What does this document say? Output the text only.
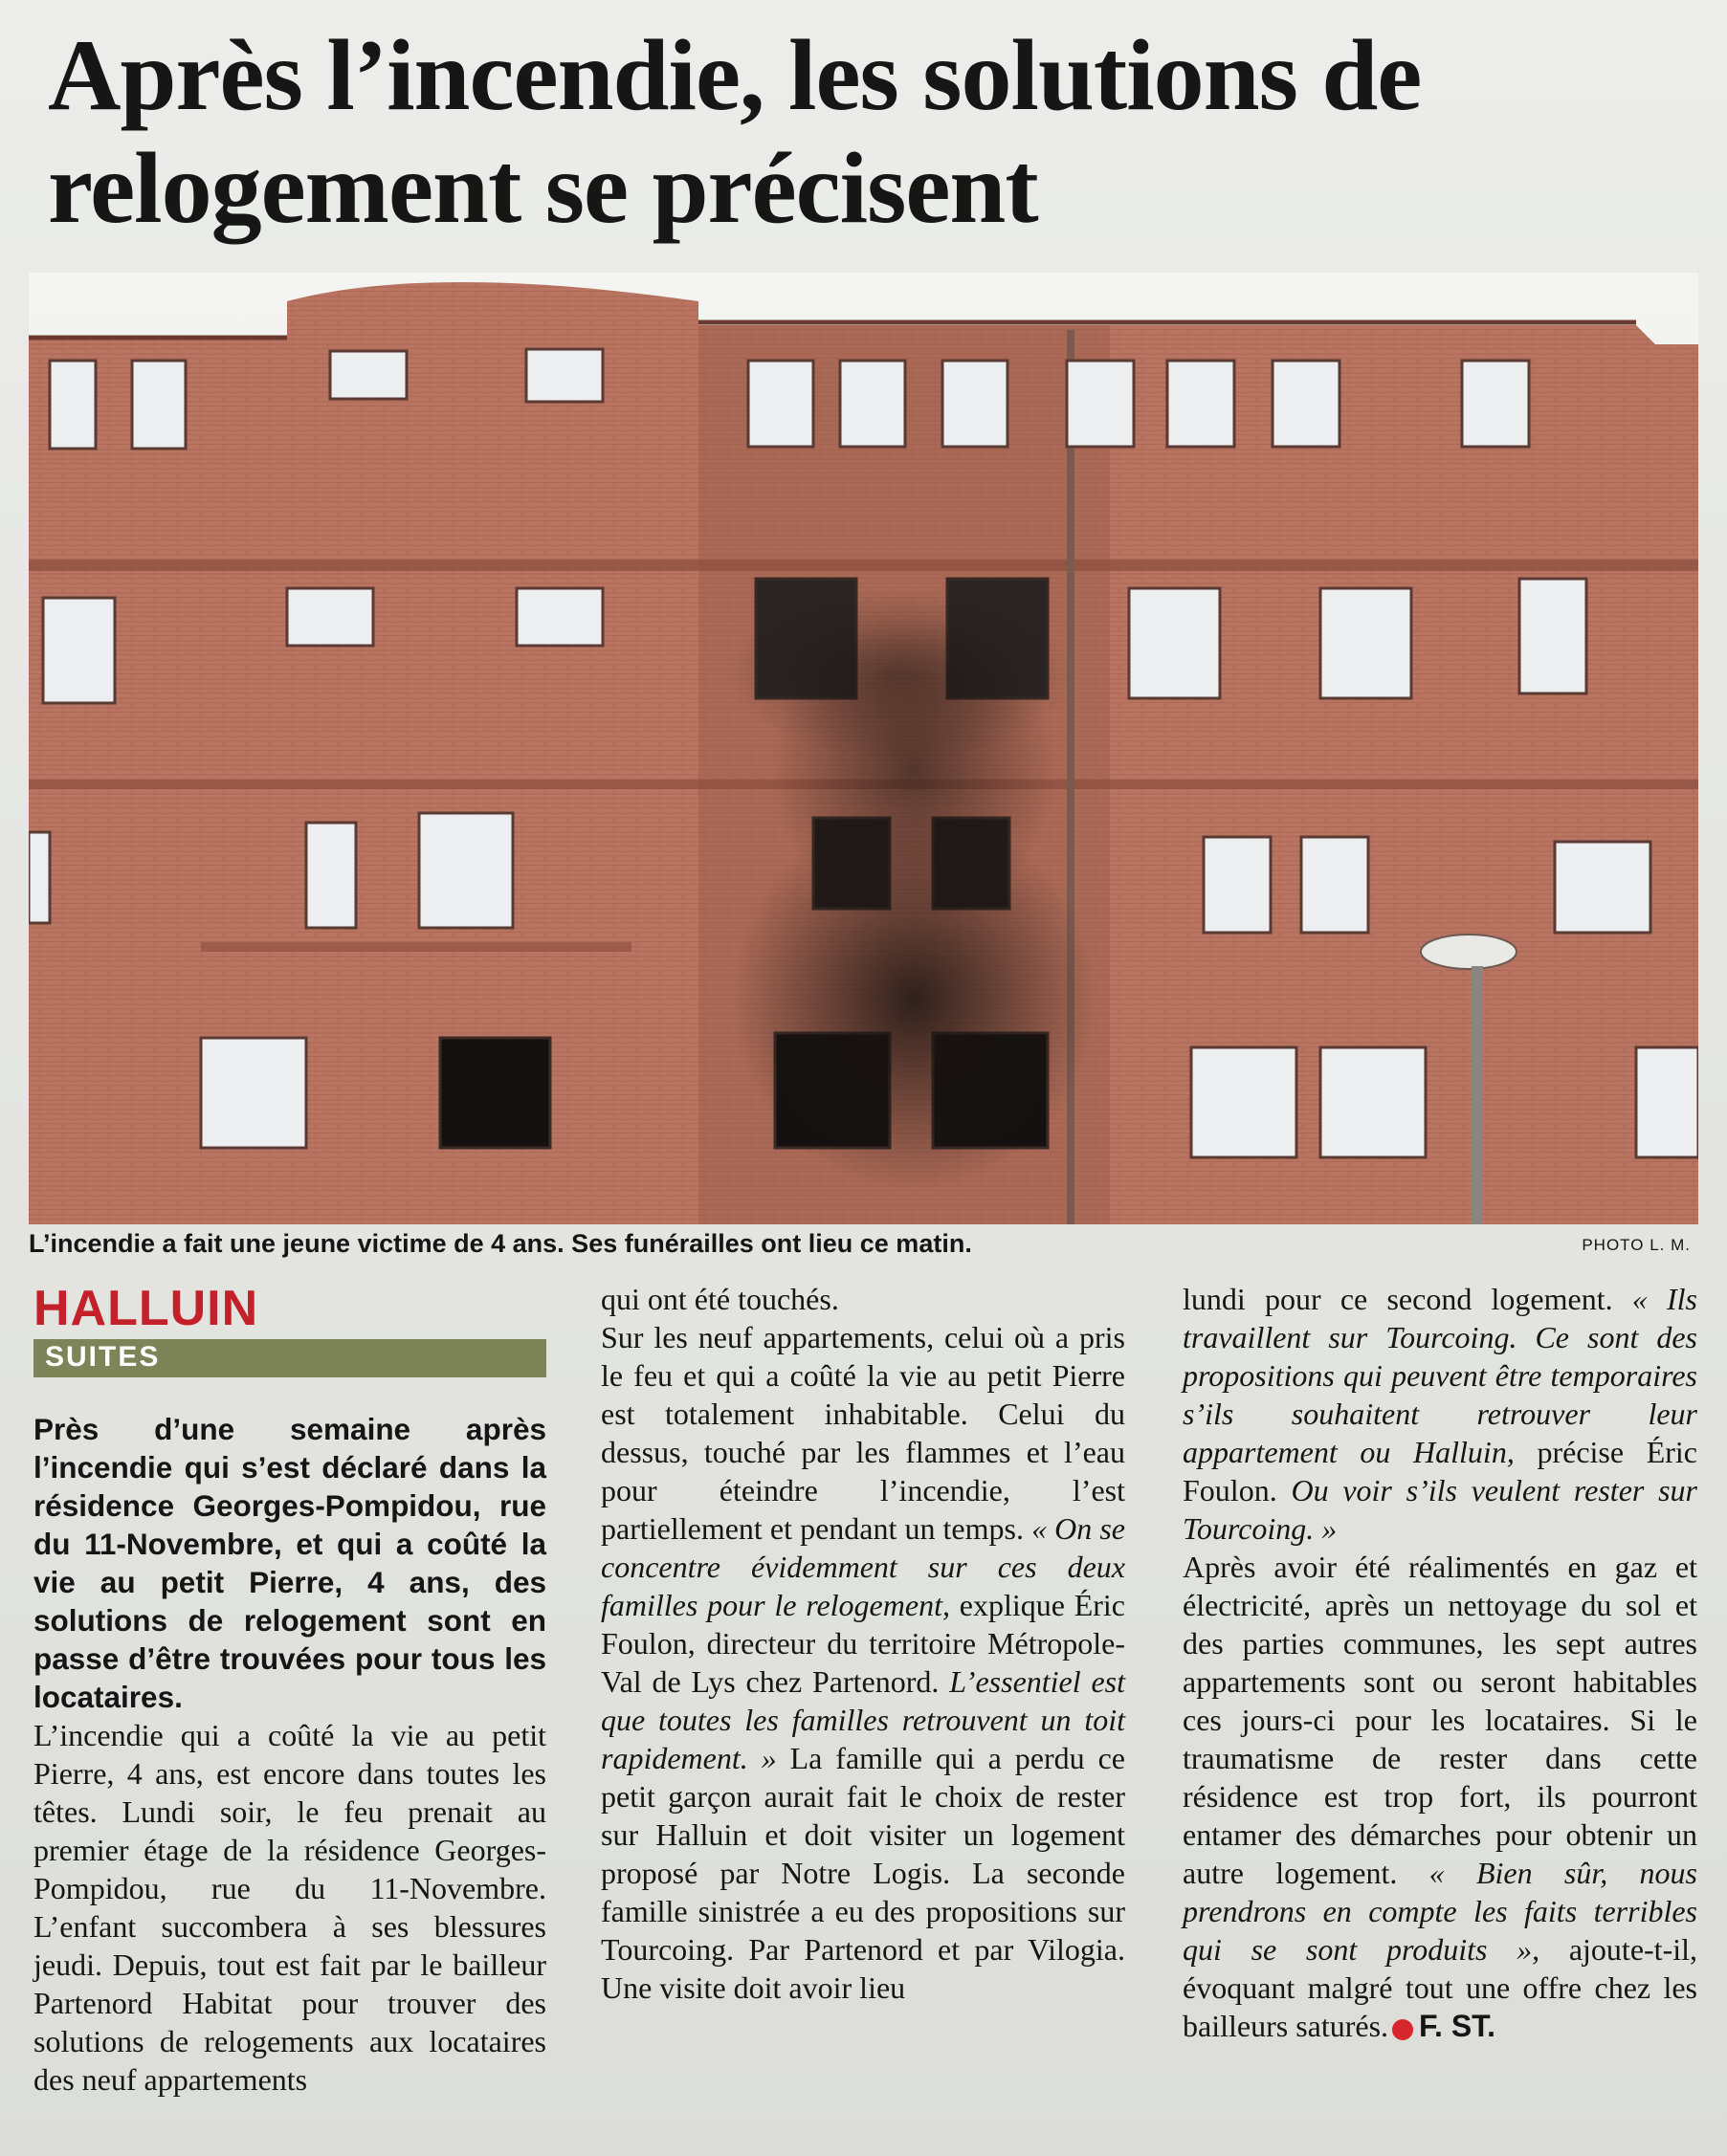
Après l’incendie, les solutions de relogement se précisent
L’incendie a fait une jeune victime de 4 ans. Ses funérailles ont lieu ce matin.	PHOTO L. M.
HALLUIN
SUITES

Près d’une semaine après l’incendie qui s’est déclaré dans la résidence Georges-Pompidou, rue du 11-Novembre, et qui a coûté la vie au petit Pierre, 4 ans, des solutions de relogement sont en passe d’être trouvées pour tous les locataires.

L’incendie qui a coûté la vie au petit Pierre, 4 ans, est encore dans toutes les têtes. Lundi soir, le feu prenait au premier étage de la résidence Georges-Pompidou, rue du 11-Novembre. L’enfant succombera à ses blessures jeudi. Depuis, tout est fait par le bailleur Partenord Habitat pour trouver des solutions de relogements aux locataires des neuf appartements

qui ont été touchés.

Sur les neuf appartements, celui où a pris le feu et qui a coûté la vie au petit Pierre est totalement inhabitable. Celui du dessus, touché par les flammes et l’eau pour éteindre l’incendie, l’est partiellement et pendant un temps. « On se concentre évidemment sur ces deux familles pour le relogement, explique Éric Foulon, directeur du territoire Métropole-Val de Lys chez Partenord. L’essentiel est que toutes les familles retrouvent un toit rapidement. » La famille qui a perdu ce petit garçon aurait fait le choix de rester sur Halluin et doit visiter un logement proposé par Notre Logis. La seconde famille sinistrée a eu des propositions sur Tourcoing. Par Partenord et par Vilogia. Une visite doit avoir lieu

lundi pour ce second logement. « Ils travaillent sur Tourcoing. Ce sont des propositions qui peuvent être temporaires s’ils souhaitent retrouver leur appartement ou Halluin, précise Éric Foulon. Ou voir s’ils veulent rester sur Tourcoing. »

Après avoir été réalimentés en gaz et électricité, après un nettoyage du sol et des parties communes, les sept autres appartements sont ou seront habitables ces jours-ci pour les locataires. Si le traumatisme de rester dans cette résidence est trop fort, ils pourront entamer des démarches pour obtenir un autre logement. « Bien sûr, nous prendrons en compte les faits terribles qui se sont produits », ajoute-t-il, évoquant malgré tout une offre chez les bailleurs saturés. F. ST.
